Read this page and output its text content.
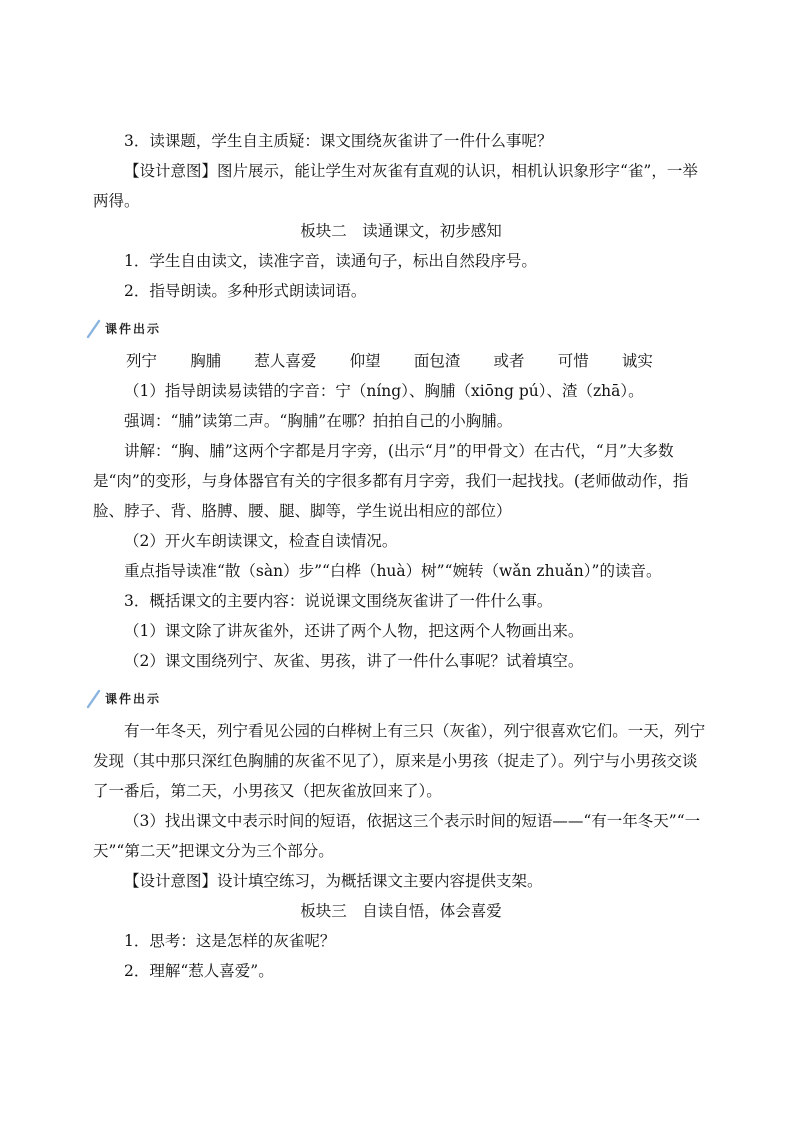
3．读课题，学生自主质疑：课文围绕灰雀讲了一件什么事呢？

【设计意图】图片展示，能让学生对灰雀有直观的认识，相机认识象形字“雀”，一举两得。

板块二　读通课文，初步感知

1．学生自由读文，读准字音，读通句子，标出自然段序号。

2．指导朗读。多种形式朗读词语。

课件出示
列宁 胸脯 惹人喜爱 仰望 面包渣 或者 可惜 诚实

（1）指导朗读易读错的字音：宁（níng）、胸脯（xiōng pú）、渣（zhā）。

强调：“脯”读第二声。“胸脯”在哪？拍拍自己的小胸脯。

讲解：“胸、脯”这两个字都是月字旁，(出示“月”的甲骨文）在古代，“月”大多数是“肉”的变形，与身体器官有关的字很多都有月字旁，我们一起找找。(老师做动作，指脸、脖子、背、胳膊、腰、腿、脚等，学生说出相应的部位）

（2）开火车朗读课文，检查自读情况。

重点指导读准“散（sàn）步”“白桦（huà）树”“婉转（wǎn zhuǎn）”的读音。

3．概括课文的主要内容：说说课文围绕灰雀讲了一件什么事。

（1）课文除了讲灰雀外，还讲了两个人物，把这两个人物画出来。

（2）课文围绕列宁、灰雀、男孩，讲了一件什么事呢？试着填空。

课件出示

有一年冬天，列宁看见公园的白桦树上有三只（灰雀），列宁很喜欢它们。一天，列宁发现（其中那只深红色胸脯的灰雀不见了），原来是小男孩（捉走了）。列宁与小男孩交谈了一番后，第二天，小男孩又（把灰雀放回来了）。

（3）找出课文中表示时间的短语，依据这三个表示时间的短语——“有一年冬天”“一天”“第二天”把课文分为三个部分。

【设计意图】设计填空练习，为概括课文主要内容提供支架。

板块三　自读自悟，体会喜爱

1．思考：这是怎样的灰雀呢？

2．理解“惹人喜爱”。
